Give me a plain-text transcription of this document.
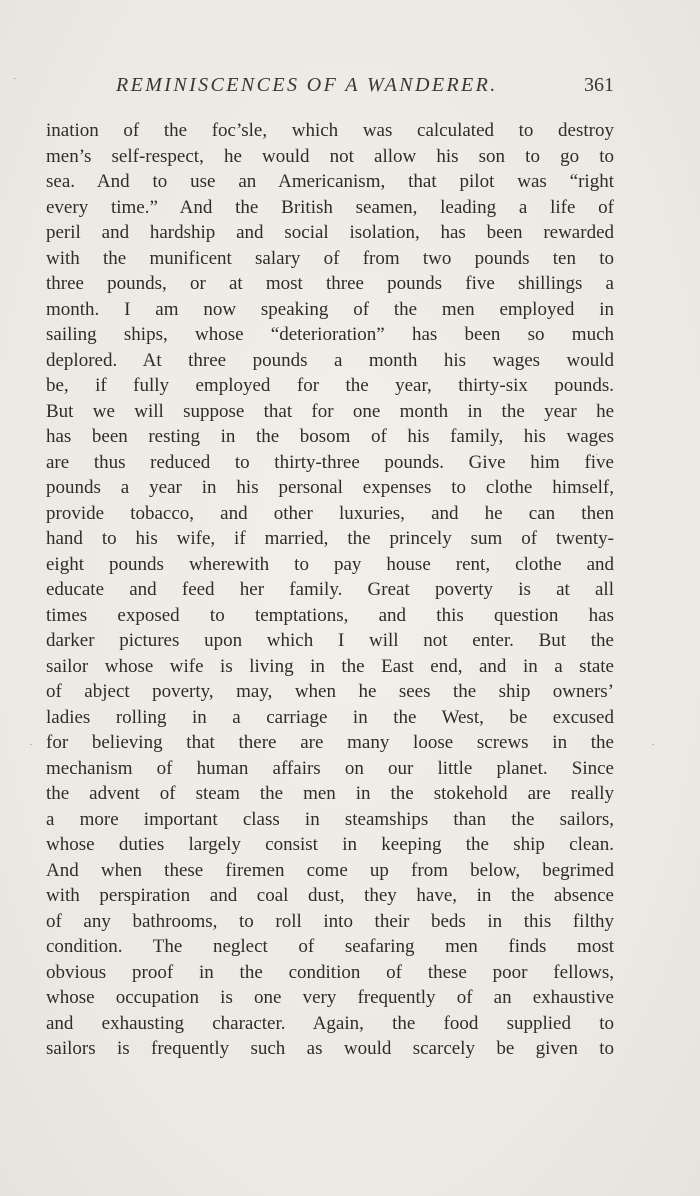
REMINISCENCES OF A WANDERER.	361
ination of the foc’sle, which was calculated to destroy
men’s self-respect, he would not allow his son to go to
sea. And to use an Americanism, that pilot was “right
every time.” And the British seamen, leading a life of
peril and hardship and social isolation, has been rewarded
with the munificent salary of from two pounds ten to
three pounds, or at most three pounds five shillings a
month. I am now speaking of the men employed in
sailing ships, whose “deterioration” has been so much
deplored. At three pounds a month his wages would
be, if fully employed for the year, thirty-six pounds.
But we will suppose that for one month in the year he
has been resting in the bosom of his family, his wages
are thus reduced to thirty-three pounds. Give him five
pounds a year in his personal expenses to clothe himself,
provide tobacco, and other luxuries, and he can then
hand to his wife, if married, the princely sum of twenty-
eight pounds wherewith to pay house rent, clothe and
educate and feed her family. Great poverty is at all
times exposed to temptations, and this question has
darker pictures upon which I will not enter. But the
sailor whose wife is living in the East end, and in a state
of abject poverty, may, when he sees the ship owners’
ladies rolling in a carriage in the West, be excused
for believing that there are many loose screws in the
mechanism of human affairs on our little planet. Since
the advent of steam the men in the stokehold are really
a more important class in steamships than the sailors,
whose duties largely consist in keeping the ship clean.
And when these firemen come up from below, begrimed
with perspiration and coal dust, they have, in the absence
of any bathrooms, to roll into their beds in this filthy
condition. The neglect of seafaring men finds most
obvious proof in the condition of these poor fellows,
whose occupation is one very frequently of an exhaustive
and exhausting character. Again, the food supplied to
sailors is frequently such as would scarcely be given to
